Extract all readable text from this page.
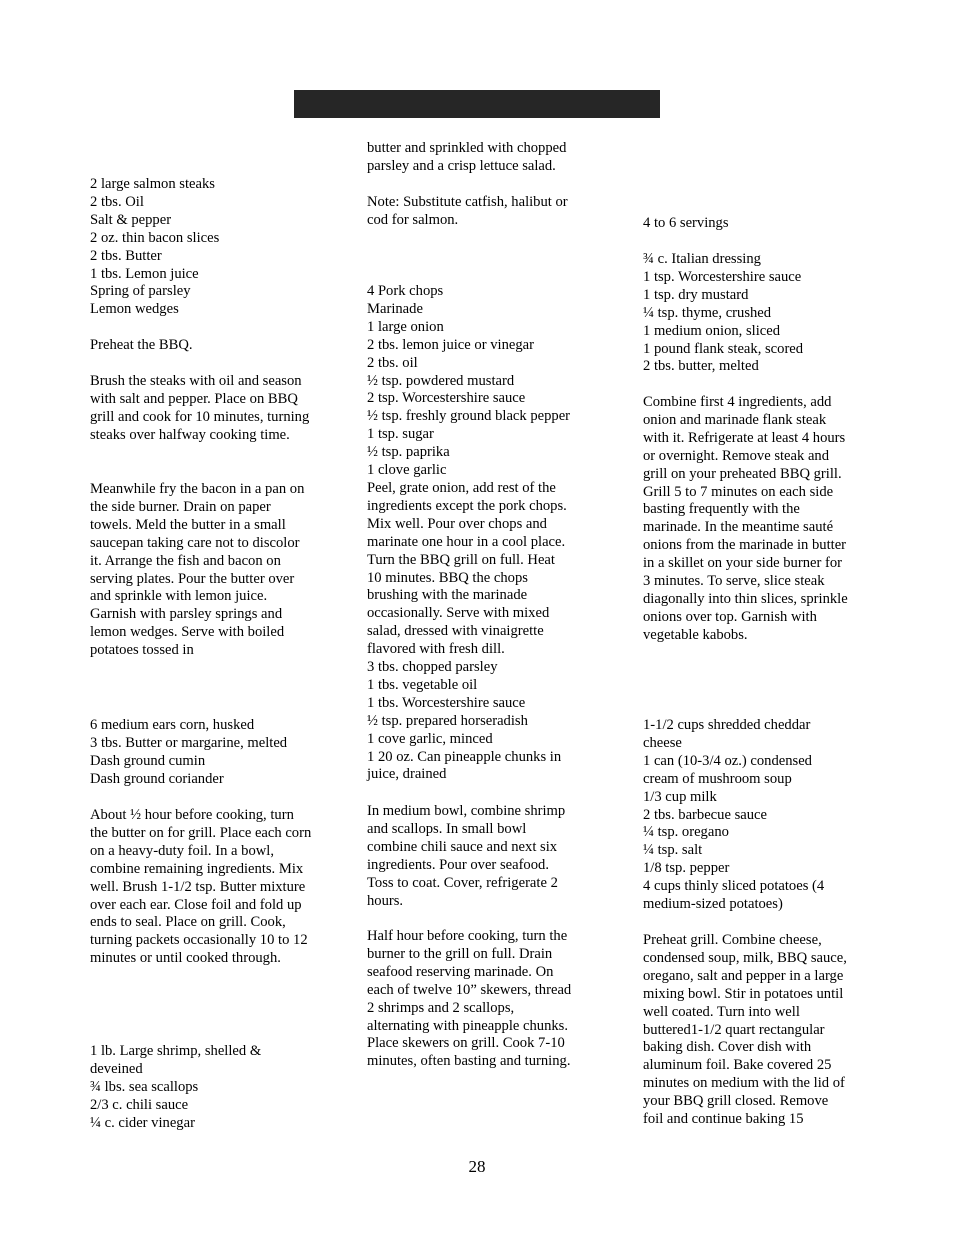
2 large salmon steaks
2 tbs. Oil
Salt & pepper
2 oz. thin bacon slices
2 tbs. Butter
1 tbs. Lemon juice
Spring of parsley
Lemon wedges
Preheat the BBQ.
Brush the steaks with oil and season with salt and pepper. Place on BBQ grill and cook for 10 minutes, turning steaks over halfway cooking time.
Meanwhile fry the bacon in a pan on the side burner. Drain on paper towels. Meld the butter in a small saucepan taking care not to discolor it. Arrange the fish and bacon on serving plates. Pour the butter over and sprinkle with lemon juice. Garnish with parsley springs and lemon wedges. Serve with boiled potatoes tossed in
6 medium ears corn, husked
3 tbs. Butter or margarine, melted
Dash ground cumin
Dash ground coriander
About ½ hour before cooking, turn the butter on for grill. Place each corn on a heavy-duty foil. In a bowl, combine remaining ingredients. Mix well. Brush 1-1/2 tsp. Butter mixture over each ear. Close foil and fold up ends to seal. Place on grill. Cook, turning packets occasionally 10 to 12 minutes or until cooked through.
1 lb. Large shrimp, shelled &
deveined
¾ lbs. sea scallops
2/3 c. chili sauce
¼ c. cider vinegar
butter and sprinkled with chopped
parsley and a crisp lettuce salad.
Note: Substitute catfish, halibut or
cod for salmon.
4 Pork chops
Marinade
1 large onion
2 tbs. lemon juice or vinegar
2 tbs. oil
½ tsp. powdered mustard
2 tsp. Worcestershire sauce
½ tsp. freshly ground black pepper
1 tsp. sugar
½ tsp. paprika
1 clove garlic
Peel, grate onion, add rest of the
ingredients except the pork chops.
Mix well. Pour over chops and
marinate one hour in a cool place.
Turn the BBQ grill on full. Heat
10 minutes. BBQ the chops
brushing with the marinade
occasionally. Serve with mixed
salad, dressed with vinaigrette
flavored with fresh dill.
3 tbs. chopped parsley
1 tbs. vegetable oil
1 tbs. Worcestershire sauce
½ tsp. prepared horseradish
1 cove garlic, minced
1 20 oz. Can pineapple chunks in
juice, drained
In medium bowl, combine shrimp
and scallops. In small bowl
combine chili sauce and next six
ingredients. Pour over seafood.
Toss to coat. Cover, refrigerate 2
hours.
Half hour before cooking, turn the
burner to the grill on full. Drain
seafood reserving marinade. On
each of twelve 10” skewers, thread
2 shrimps and 2 scallops,
alternating with pineapple chunks.
Place skewers on grill. Cook 7-10
minutes, often basting and turning.
4 to 6 servings
¾ c. Italian dressing
1 tsp. Worcestershire sauce
1 tsp. dry mustard
¼ tsp. thyme, crushed
1 medium onion, sliced
1 pound flank steak, scored
2 tbs. butter, melted
Combine first 4 ingredients, add
onion and marinade flank steak
with it. Refrigerate at least 4 hours
or overnight. Remove steak and
grill on your preheated BBQ grill.
Grill 5 to 7 minutes on each side
basting frequently with the
marinade. In the meantime sauté
onions from the marinade in butter
in a skillet on your side burner for
3 minutes. To serve, slice steak
diagonally into thin slices, sprinkle
onions over top. Garnish with
vegetable kabobs.
1-1/2 cups shredded cheddar
cheese
1 can (10-3/4 oz.) condensed
cream of mushroom soup
1/3 cup milk
2 tbs. barbecue sauce
¼ tsp. oregano
¼ tsp. salt
1/8 tsp. pepper
4 cups thinly sliced potatoes (4
medium-sized potatoes)
Preheat grill. Combine cheese,
condensed soup, milk, BBQ sauce,
oregano, salt and pepper in a large
mixing bowl. Stir in potatoes until
well coated. Turn into well
buttered1-1/2 quart rectangular
baking dish. Cover dish with
aluminum foil. Bake covered 25
minutes on medium with the lid of
your BBQ grill closed. Remove
foil and continue baking 15
28
